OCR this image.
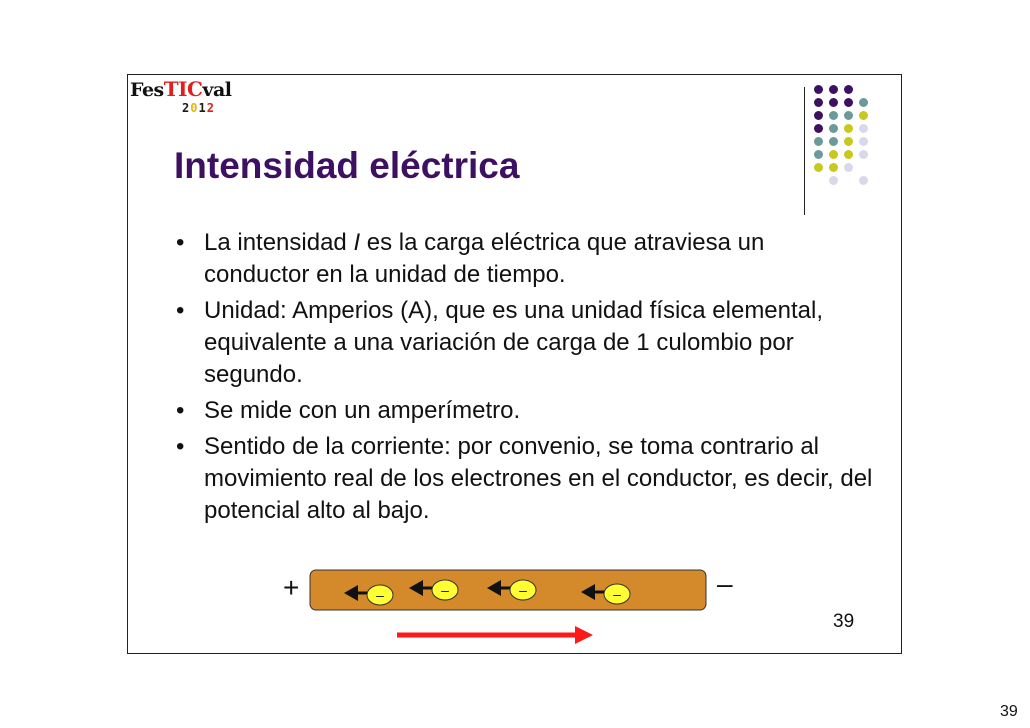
FesTICval
2012
Intensidad eléctrica
• La intensidad I es la carga eléctrica que atraviesa un conductor en la unidad de tiempo.
• Unidad: Amperios (A), que es una unidad física elemental, equivalente a una variación de carga de 1 culombio por segundo.
• Se mide con un amperímetro.
• Sentido de la corriente: por convenio, se toma contrario al movimiento real de los electrones en el conductor, es decir, del potencial alto al bajo.
39
+	–
–	–	–	–
39
